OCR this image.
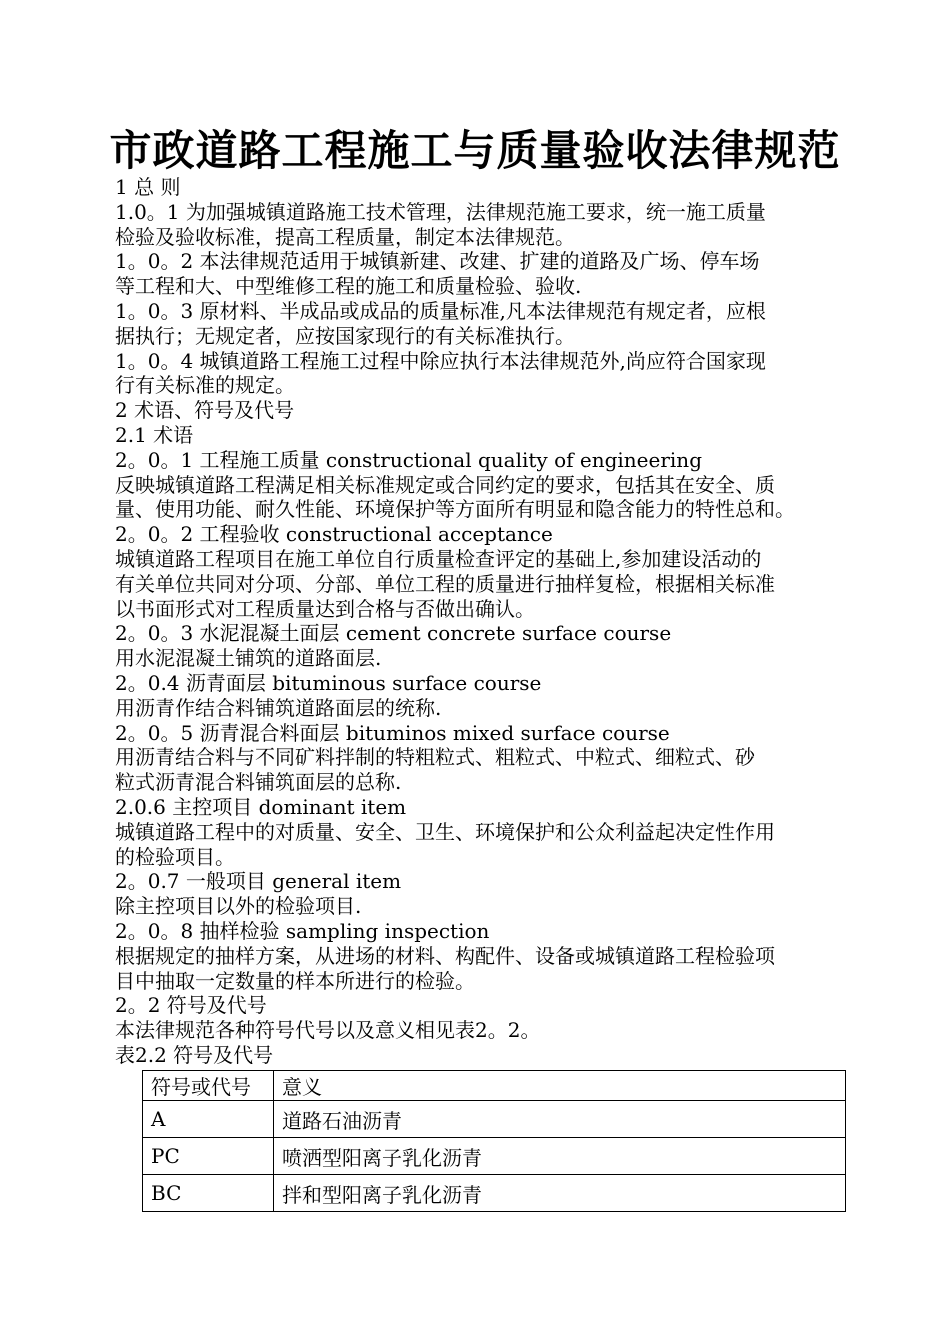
市政道路工程施工与质量验收法律规范
1 总 则
1.0。1 为加强城镇道路施工技术管理，法律规范施工要求，统一施工质量
检验及验收标准，提高工程质量，制定本法律规范。
1。0。2 本法律规范适用于城镇新建、改建、扩建的道路及广场、停车场
等工程和大、中型维修工程的施工和质量检验、验收.
1。0。3 原材料、半成品或成品的质量标准,凡本法律规范有规定者，应根
据执行；无规定者，应按国家现行的有关标准执行。
1。0。4 城镇道路工程施工过程中除应执行本法律规范外,尚应符合国家现
行有关标准的规定。
2 术语、符号及代号
2.1 术语
2。0。1 工程施工质量 constructional quality of engineering
反映城镇道路工程满足相关标准规定或合同约定的要求，包括其在安全、质
量、使用功能、耐久性能、环境保护等方面所有明显和隐含能力的特性总和。
2。0。2 工程验收 constructional acceptance
城镇道路工程项目在施工单位自行质量检查评定的基础上,参加建设活动的
有关单位共同对分项、分部、单位工程的质量进行抽样复检，根据相关标准
以书面形式对工程质量达到合格与否做出确认。
2。0。3 水泥混凝土面层 cement concrete surface course
用水泥混凝土铺筑的道路面层.
2。0.4 沥青面层 bituminous surface course
用沥青作结合料铺筑道路面层的统称.
2。0。5 沥青混合料面层 bituminos mixed surface course
用沥青结合料与不同矿料拌制的特粗粒式、粗粒式、中粒式、细粒式、砂
粒式沥青混合料铺筑面层的总称.
2.0.6 主控项目 dominant item
城镇道路工程中的对质量、安全、卫生、环境保护和公众利益起决定性作用
的检验项目。
2。0.7 一般项目 general item
除主控项目以外的检验项目.
2。0。8 抽样检验 sampling inspection
根据规定的抽样方案，从进场的材料、构配件、设备或城镇道路工程检验项
目中抽取一定数量的样本所进行的检验。
2。2 符号及代号
本法律规范各种符号代号以及意义相见表2。2。
表2.2 符号及代号
符号或代号	意义
A	道路石油沥青
PC	喷洒型阳离子乳化沥青
BC	拌和型阳离子乳化沥青
